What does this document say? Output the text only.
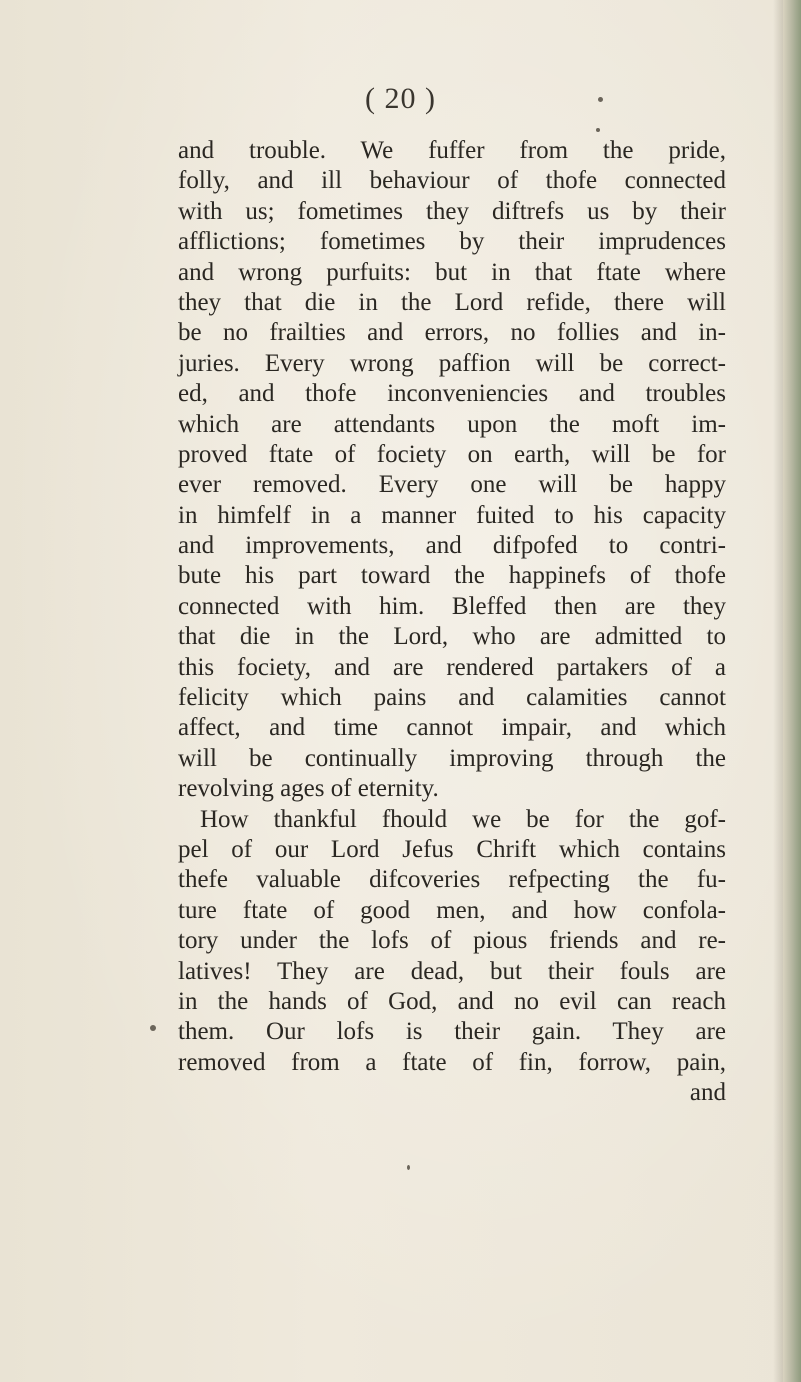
( 20 )
and trouble. We fuffer from the pride,
folly, and ill behaviour of thofe connected
with us; fometimes they diftrefs us by their
afflictions; fometimes by their imprudences
and wrong purfuits: but in that ftate where
they that die in the Lord refide, there will
be no frailties and errors, no follies and in-
juries. Every wrong paffion will be correct-
ed, and thofe inconveniencies and troubles
which are attendants upon the moft im-
proved ftate of fociety on earth, will be for
ever removed. Every one will be happy
in himfelf in a manner fuited to his capacity
and improvements, and difpofed to contri-
bute his part toward the happinefs of thofe
connected with him. Bleffed then are they
that die in the Lord, who are admitted to
this fociety, and are rendered partakers of a
felicity which pains and calamities cannot
affect, and time cannot impair, and which
will be continually improving through the
revolving ages of eternity.
How thankful fhould we be for the gof-
pel of our Lord Jefus Chrift which contains
thefe valuable difcoveries refpecting the fu-
ture ftate of good men, and how confola-
tory under the lofs of pious friends and re-
latives! They are dead, but their fouls are
in the hands of God, and no evil can reach
them. Our lofs is their gain. They are
removed from a ftate of fin, forrow, pain,
and
